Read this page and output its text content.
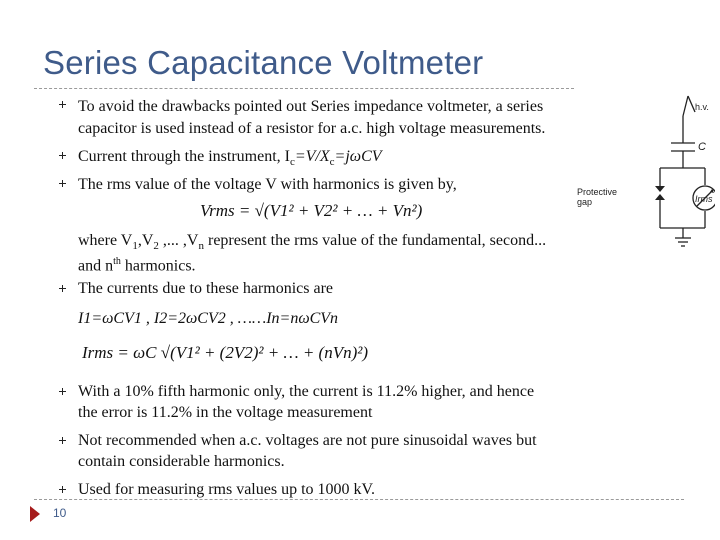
Series Capacitance Voltmeter
To avoid the drawbacks pointed out Series impedance voltmeter, a series
capacitor is used instead of a resistor for a.c. high voltage measurements.
Current through the instrument, $I_c=V/X_c=j\omega CV$
The rms value of the voltage V with harmonics is given by,
Vrms = √(V1² + V2² + … + Vn²)
where $V_1,V_2$ ,... $,V_n$ represent the rms value of the fundamental, second...
and $n^{th}$ harmonics.
The currents due to these harmonics are
I1=ωCV1 , I2=2ωCV2 , ……In=nωCVn
Irms = ωC √(V1² + (2V2)² + … + (nVn)²)
With a 10% fifth harmonic only, the current is 11.2% higher, and hence
the error is 11.2% in the voltage measurement
Not recommended when a.c. voltages are not pure sinusoidal waves but
contain considerable harmonics.
Used for measuring rms values up to 1000 kV.
10
h.v.
C
Protective
gap	Irms
